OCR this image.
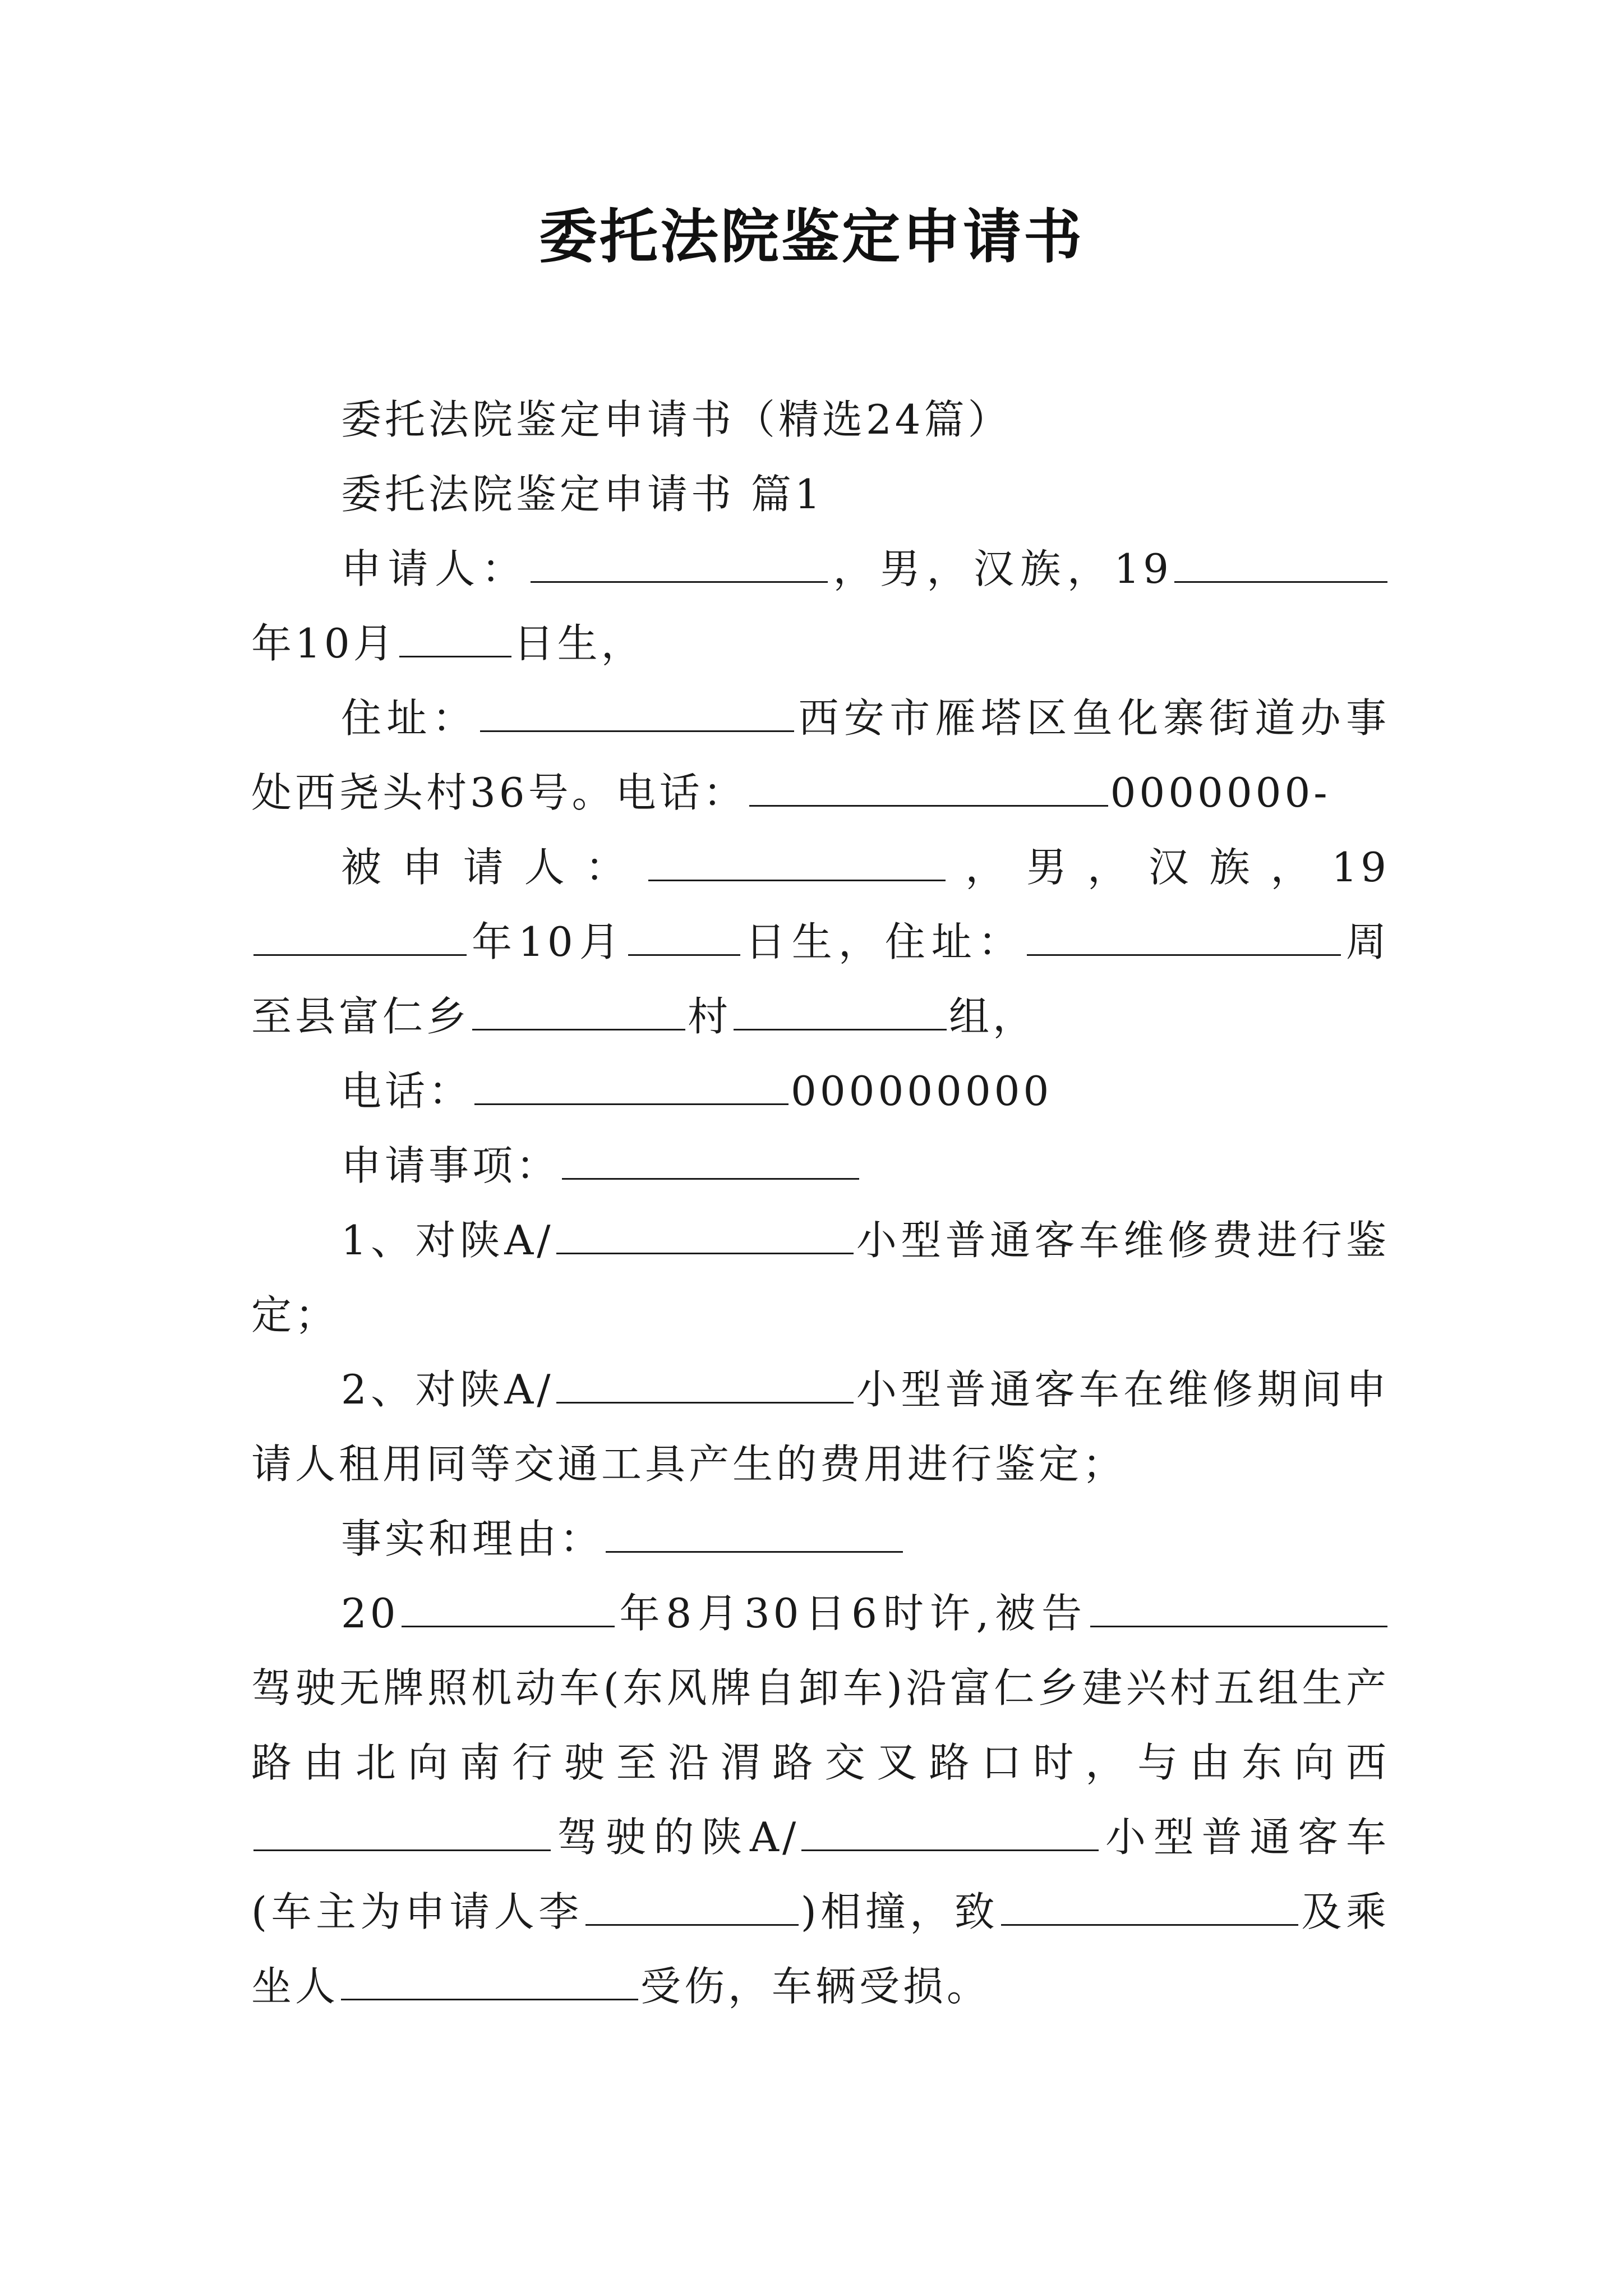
委托法院鉴定申请书

委托法院鉴定申请书（精选24篇）

委托法院鉴定申请书 篇1

申请人：	，男，汉族，19年10月	日生，

住址：	西安市雁塔区鱼化寨街道办事处西尧头村36号。电话：	0000000-

被申请人：	，男，汉族，19年10月	日生，住址：	周至县富仁乡	村	组，

电话：	000000000

申请事项：

1、对陕A/	小型普通客车维修费进行鉴定；

2、对陕A/	小型普通客车在维修期间申请人租用同等交通工具产生的费用进行鉴定；

事实和理由：

20	年8月30日6时许,被告驾驶无牌照机动车(东风牌自卸车)沿富仁乡建兴村五组生产路由北向南行驶至沿渭路交叉路口时，与由东向西驾驶的陕A/	小型普通客车(车主为申请人李	)相撞，致	及乘坐人	受伤，车辆受损。
